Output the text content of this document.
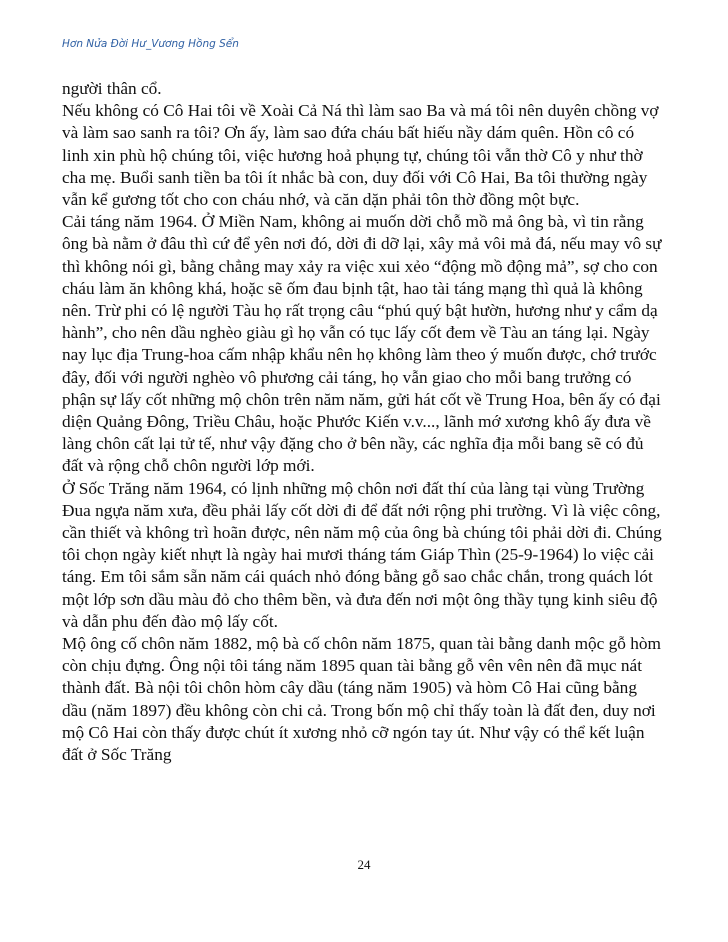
Hơn Nửa Đời Hư_Vương Hồng Sển

người thân cổ.

Nếu không có Cô Hai tôi về Xoài Cả Ná thì làm sao Ba và má tôi nên duyên chồng vợ và làm sao sanh ra tôi? Ơn ấy, làm sao đứa cháu bất hiếu nầy dám quên. Hồn cô có linh xin phù hộ chúng tôi, việc hương hoả phụng tự, chúng tôi vẫn thờ Cô y như thờ cha mẹ. Buổi sanh tiền ba tôi ít nhắc bà con, duy đối với Cô Hai, Ba tôi thường ngày vẫn kể gương tốt cho con cháu nhớ, và căn dặn phải tôn thờ đồng một bực.

Cải táng năm 1964. Ở Miền Nam, không ai muốn dời chỗ mồ mả ông bà, vì tin rằng ông bà nằm ở đâu thì cứ để yên nơi đó, dời đi dỡ lại, xây mả vôi mả đá, nếu may vô sự thì không nói gì, bằng chẳng may xảy ra việc xui xẻo “động mồ động mả”, sợ cho con cháu làm ăn không khá, hoặc sẽ ốm đau bịnh tật, hao tài táng mạng thì quả là không nên. Trừ phi có lệ người Tàu họ rất trọng câu “phú quý bật hườn, hương như y cẩm dạ hành”, cho nên dầu nghèo giàu gì họ vẫn có tục lấy cốt đem về Tàu an táng lại. Ngày nay lục địa Trung-hoa cấm nhập khẩu nên họ không làm theo ý muốn được, chớ trước đây, đối với người nghèo vô phương cải táng, họ vẫn giao cho mỗi bang trưởng có phận sự lấy cốt những mộ chôn trên năm năm, gửi hát cốt về Trung Hoa, bên ấy có đại diện Quảng Đông, Triều Châu, hoặc Phước Kiến v.v..., lãnh mớ xương khô ấy đưa về làng chôn cất lại tử tế, như vậy đặng cho ở bên nầy, các nghĩa địa mỗi bang sẽ có đủ đất và rộng chỗ chôn người lớp mới.

Ở Sốc Trăng năm 1964, có lịnh những mộ chôn nơi đất thí của làng tại vùng Trường Đua ngựa năm xưa, đều phải lấy cốt dời đi để đất nới rộng phi trường. Vì là việc công, cần thiết và không trì hoãn được, nên năm mộ của ông bà chúng tôi phải dời đi. Chúng tôi chọn ngày kiết nhựt là ngày hai mươi tháng tám Giáp Thìn (25-9-1964) lo việc cải táng. Em tôi sắm sẵn năm cái quách nhỏ đóng bằng gỗ sao chắc chắn, trong quách lót một lớp sơn dầu màu đỏ cho thêm bền, và đưa đến nơi một ông thầy tụng kinh siêu độ và dẫn phu đến đào mộ lấy cốt.

Mộ ông cố chôn năm 1882, mộ bà cố chôn năm 1875, quan tài bằng danh mộc gỗ hòm còn chịu đựng. Ông nội tôi táng năm 1895 quan tài bằng gỗ vên vên nên đã mục nát thành đất. Bà nội tôi chôn hòm cây dầu (táng năm 1905) và hòm Cô Hai cũng bằng dầu (năm 1897) đều không còn chi cả. Trong bốn mộ chỉ thấy toàn là đất đen, duy nơi mộ Cô Hai còn thấy được chút ít xương nhỏ cỡ ngón tay út. Như vậy có thể kết luận đất ở Sốc Trăng

24
